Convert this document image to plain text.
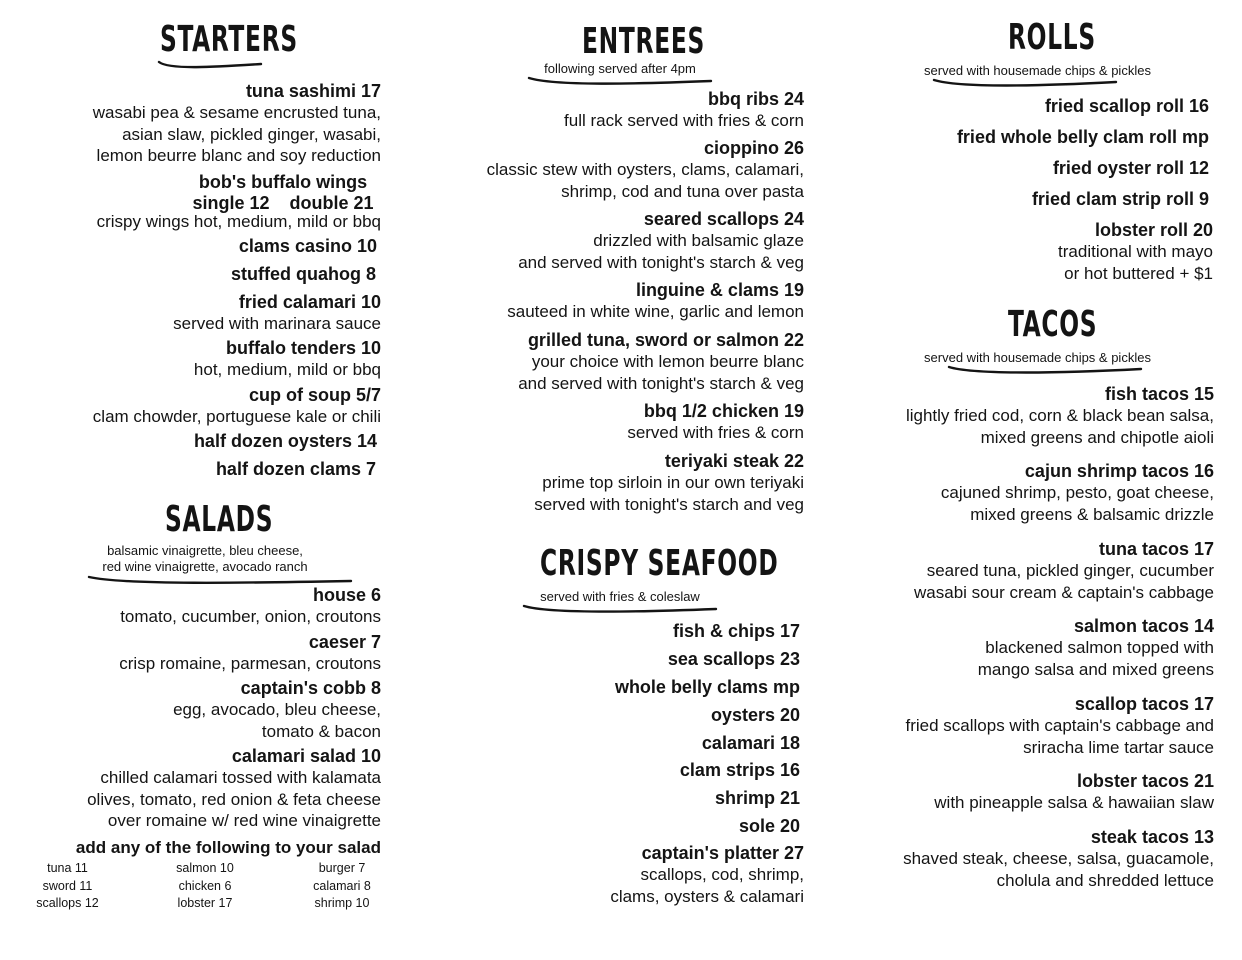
STARTERS
tuna sashimi 17
wasabi pea & sesame encrusted tuna,
asian slaw, pickled ginger, wasabi,
lemon beurre blanc and soy reduction
bob's buffalo wings
single 12    double 21
crispy wings hot, medium, mild or bbq
clams casino 10
stuffed quahog 8
fried calamari 10
served with marinara sauce
buffalo tenders 10
hot, medium, mild or bbq
cup of soup 5/7
clam chowder, portuguese kale or chili
half dozen oysters 14
half dozen clams 7
SALADS
balsamic vinaigrette, bleu cheese,
red wine vinaigrette, avocado ranch
house 6
tomato, cucumber, onion, croutons
caeser 7
crisp romaine, parmesan, croutons
captain's cobb 8
egg, avocado, bleu cheese,
tomato & bacon
calamari salad 10
chilled calamari tossed with kalamata
olives, tomato, red onion & feta cheese
over romaine w/ red wine vinaigrette
add any of the following to your salad
tuna 11
sword 11
scallops 12
salmon 10
chicken 6
lobster 17
burger 7
calamari 8
shrimp 10
ENTREES
following served after 4pm
bbq ribs 24
full rack served with fries & corn
cioppino 26
classic stew with oysters, clams, calamari,
shrimp, cod and tuna over pasta
seared scallops 24
drizzled with balsamic glaze
and served with tonight's starch & veg
linguine & clams 19
sauteed in white wine, garlic and lemon
grilled tuna, sword or salmon 22
your choice with lemon beurre blanc
and served with tonight's starch & veg
bbq 1/2 chicken 19
served with fries & corn
teriyaki steak 22
prime top sirloin in our own teriyaki
served with tonight's starch and veg
CRISPY SEAFOOD
served with fries & coleslaw
fish & chips 17
sea scallops 23
whole belly clams mp
oysters 20
calamari 18
clam strips 16
shrimp 21
sole 20
captain's platter 27
scallops, cod, shrimp,
clams, oysters & calamari
ROLLS
served with housemade chips & pickles
fried scallop roll 16
fried whole belly clam roll mp
fried oyster roll 12
fried clam strip roll 9
lobster roll 20
traditional with mayo
or hot buttered + $1
TACOS
served with housemade chips & pickles
fish tacos 15
lightly fried cod, corn & black bean salsa,
mixed greens and chipotle aioli
cajun shrimp tacos 16
cajuned shrimp, pesto, goat cheese,
mixed greens & balsamic drizzle
tuna tacos 17
seared tuna, pickled ginger, cucumber
wasabi sour cream & captain's cabbage
salmon tacos 14
blackened salmon topped with
mango salsa and mixed greens
scallop tacos 17
fried scallops with captain's cabbage and
sriracha lime tartar sauce
lobster tacos 21
with pineapple salsa & hawaiian slaw
steak tacos 13
shaved steak, cheese, salsa, guacamole,
cholula and shredded lettuce
